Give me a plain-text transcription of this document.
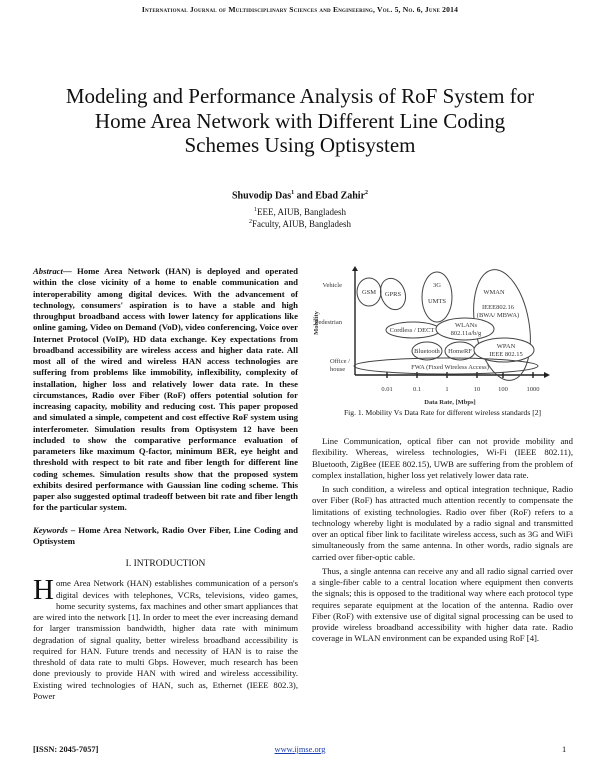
International Journal of Multidisciplinary Sciences and Engineering, Vol. 5, No. 6, June 2014
Modeling and Performance Analysis of RoF System for Home Area Network with Different Line Coding Schemes Using Optisystem
Shuvodip Das$^1$ and Ebad Zahir$^2$
$^1$EEE, AIUB, Bangladesh
$^2$Faculty, AIUB, Bangladesh

Abstract— Home Area Network (HAN) is deployed and operated within the close vicinity of a home to enable communication and interoperability among digital devices. With the advancement of technology, consumers' aspiration is to have a stable and high throughput broadband access with lower latency for applications like online gaming, Video on Demand (VoD), video conferencing, Voice over Internet Protocol (VoIP), HD data exchange. Key expectations from broadband accessibility are wireless access and higher data rate. All most all of the wired and wireless HAN access technologies are suffering from problems like immobility, inflexibility, complexity of installation, higher loss and relatively lower data rate. In these circumstances, Radio over Fiber (RoF) offers potential solution for increasing capacity, mobility and reducing cost. This paper proposed and simulated a simple, competent and cost effective RoF system using interferometer. Simulation results from Optisystem 12 have been included to show the comparative performance evaluation of parameters like maximum Q-factor, minimum BER, eye height and threshold with respect to bit rate and fiber length for different line coding schemes. Simulation results show that the proposed system exhibits desired performance with Gaussian line coding scheme. This paper also suggested optimal tradeoff between bit rate and fiber length for the particular system.

Keywords – Home Area Network, Radio Over Fiber, Line Coding and Optisystem

I. INTRODUCTION

Home Area Network (HAN) establishes communication of a person's digital devices with telephones, VCRs, televisions, video games, home security systems, fax machines and other smart appliances that are wired into the network [1]. In order to meet the ever increasing demand for larger transmission bandwidth, higher data rate with minimum degradation of signal quality, better wireless broadband accessibility is required for HAN. Future trends and necessity of HAN is to raise the threshold of data rate to multi Gbps. However, much research has been done previously to provide HAN with wired and wireless accessibility. Existing wired technologies of HAN, such as, Ethernet (IEEE 802.3), Power

Mobility
Vehicle
Pedestrian
Office /
house
0.01	0.1	1	10	100	1000
Data Rate, [Mbps]
GSM GPRS
3G
UMTS
WMAN
IEEE802.16
(BWA/ MBWA)
Cordless / DECT
WLANs
802.11a/b/g
Bluetooth HomeRF
WPAN
IEEE 802.15
FWA (Fixed Wireless Access)
Fig. 1. Mobility Vs Data Rate for different wireless standards [2]

Line Communication, optical fiber can not provide mobility and flexibility. Whereas, wireless technologies, Wi-Fi (IEEE 802.11), Bluetooth, ZigBee (IEEE 802.15), UWB are suffering from the problem of complex installation, higher loss yet relatively lower data rate.

In such condition, a wireless and optical integration technique, Radio over Fiber (RoF) has attracted much attention recently to compensate the limitations of existing technologies. Radio over fiber (RoF) refers to a technology whereby light is modulated by a radio signal and transmitted over an optical fiber link to facilitate wireless access, such as 3G and WiFi simultaneously from the same antenna. In other words, radio signals are carried over fiber-optic cable.

Thus, a single antenna can receive any and all radio signal carried over a single-fiber cable to a central location where equipment then converts the signals; this is opposed to the traditional way where each protocol type requires separate equipment at the location of the antenna. Radio over Fiber (RoF) with extensive use of digital signal processing can be used to provide wireless broadband accessibility with higher data rate. Radio coverage in WLAN environment can be expanded using RoF [4].

[ISSN: 2045-7057]	www.ijmse.org	1
